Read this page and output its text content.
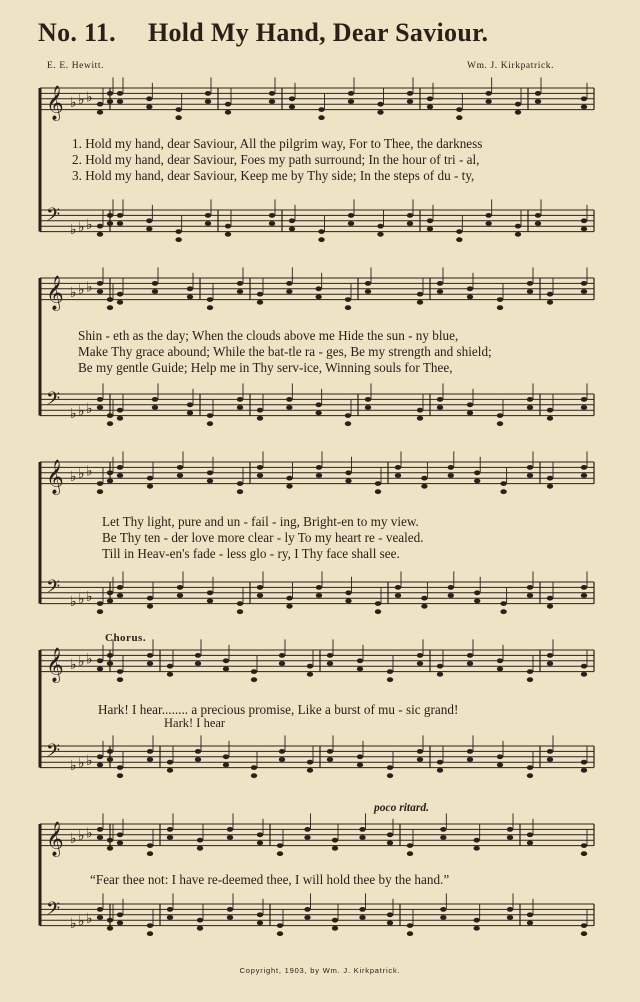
No. 11. Hold My Hand, Dear Saviour.
E. E. Hewitt.	Wm. J. Kirkpatrick.
𝄞 ♭ ♭ ♭
𝄢
♭ ♭ ♭
𝄞 ♭ ♭ ♭
𝄢
♭ ♭ ♭
𝄞 ♭ ♭ ♭
𝄢
♭ ♭ ♭
𝄞 ♭ ♭ ♭
𝄢
♭ ♭ ♭
𝄞 ♭ ♭ ♭
𝄢
♭ ♭ ♭
1. Hold my hand, dear Saviour, All the pilgrim way, For to Thee, the darkness
2. Hold my hand, dear Saviour, Foes my path surround; In the hour of tri - al,
3. Hold my hand, dear Saviour, Keep me by Thy side; In the steps of du - ty,
Shin - eth as the day; When the clouds above me Hide the sun - ny blue,
Make Thy grace abound; While the bat-tle ra - ges, Be my strength and shield;
Be my gentle Guide; Help me in Thy serv-ice, Winning souls for Thee,
Let Thy light, pure and un - fail - ing, Bright-en to my view.
Be Thy ten - der love more clear - ly To my heart re - vealed.
Till in Heav-en's fade - less glo - ry, I Thy face shall see.
Chorus.
Hark! I hear........ a precious promise, Like a burst of mu - sic grand!
Hark! I hear
poco ritard.
“Fear thee not: I have re-deemed thee, I will hold thee by the hand.”
Copyright, 1903, by Wm. J. Kirkpatrick.
